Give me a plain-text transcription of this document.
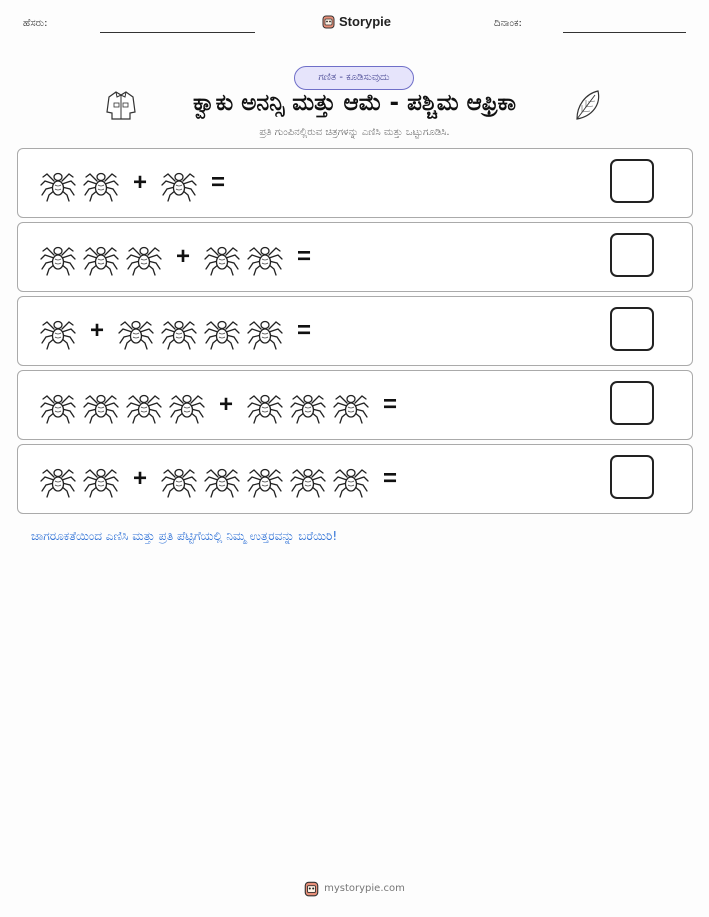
ಹೆಸರು:	Storypie	ದಿನಾಂಕ:
ಗಣಿತ - ಕೂಡಿಸುವುದು
ಕ್ವಾಕು ಅನನ್ಸಿ ಮತ್ತು ಆಮೆ - ಪಶ್ಚಿಮ ಆಫ್ರಿಕಾ
ಪ್ರತಿ ಗುಂಪಿನಲ್ಲಿರುವ ಚಿತ್ರಗಳನ್ನು ಎಣಿಸಿ ಮತ್ತು ಒಟ್ಟುಗೂಡಿಸಿ.
+	=
+	=
+	=
+	=
+	=
ಜಾಗರೂಕತೆಯಿಂದ ಎಣಿಸಿ ಮತ್ತು ಪ್ರತಿ ಪೆಟ್ಟಿಗೆಯಲ್ಲಿ ನಿಮ್ಮ ಉತ್ತರವನ್ನು ಬರೆಯಿರಿ!
mystorypie.com
